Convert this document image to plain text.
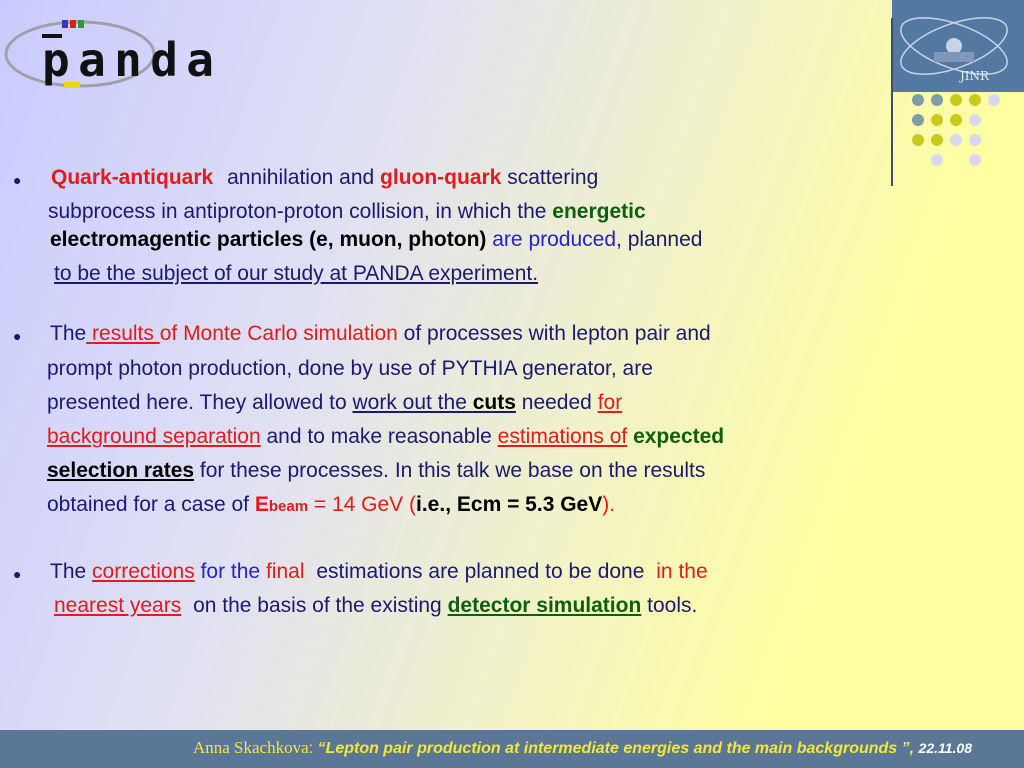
panda	JINR
● Quark-antiquark annihilation and gluon-quark scattering
subprocess in antiproton-proton collision, in which the energetic
electromagentic particles (e, muon, photon) are produced, planned
to be the subject of our study at PANDA experiment.
● The results of Monte Carlo simulation of processes with lepton pair and
prompt photon production, done by use of PYTHIA generator, are
presented here. They allowed to work out the cuts needed for
background separation and to make reasonable estimations of expected
selection rates for these processes. In this talk we base on the results
obtained for a case of Ebeam = 14 GeV (i.e., Ecm = 5.3 GeV).
● The corrections for the final estimations are planned to be done in the
nearest years on the basis of the existing detector simulation tools.
Anna Skachkova: “Lepton pair production at intermediate energies and the main backgrounds ”, 22.11.08
